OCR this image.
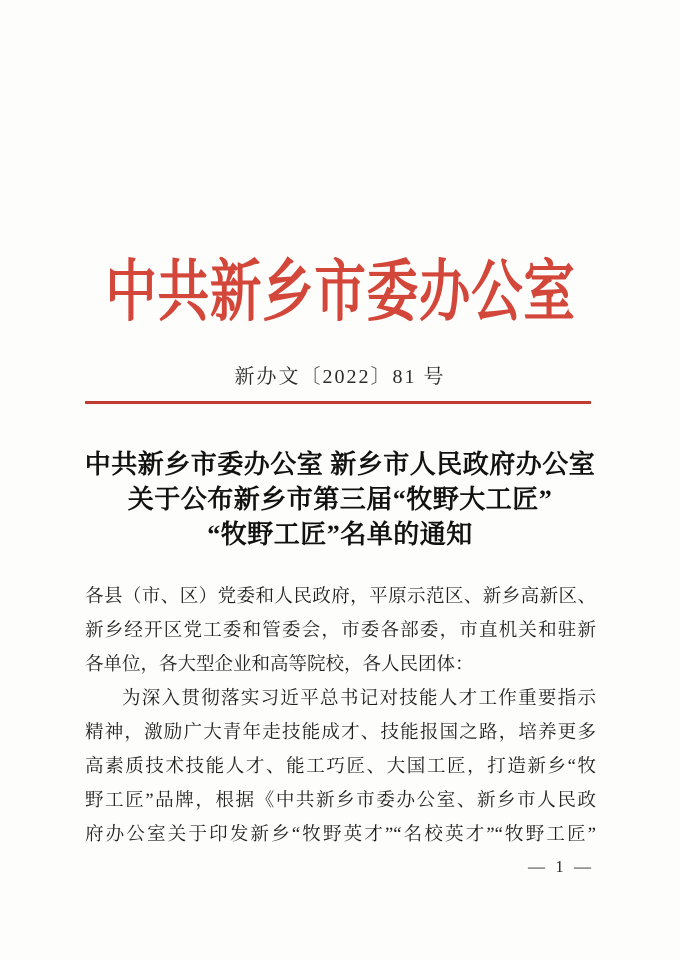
中共新乡市委办公室
新办文〔2022〕81 号
中共新乡市委办公室 新乡市人民政府办公室
关于公布新乡市第三届“牧野大工匠”
“牧野工匠”名单的通知
各县（市、区）党委和人民政府，平原示范区、新乡高新区、
新乡经开区党工委和管委会，市委各部委，市直机关和驻新
各单位，各大型企业和高等院校，各人民团体：
为深入贯彻落实习近平总书记对技能人才工作重要指示
精神，激励广大青年走技能成才、技能报国之路，培养更多
高素质技术技能人才、能工巧匠、大国工匠，打造新乡“牧
野工匠”品牌，根据《中共新乡市委办公室、新乡市人民政
府办公室关于印发新乡“牧野英才”“名校英才”“牧野工匠”
— 1 —
